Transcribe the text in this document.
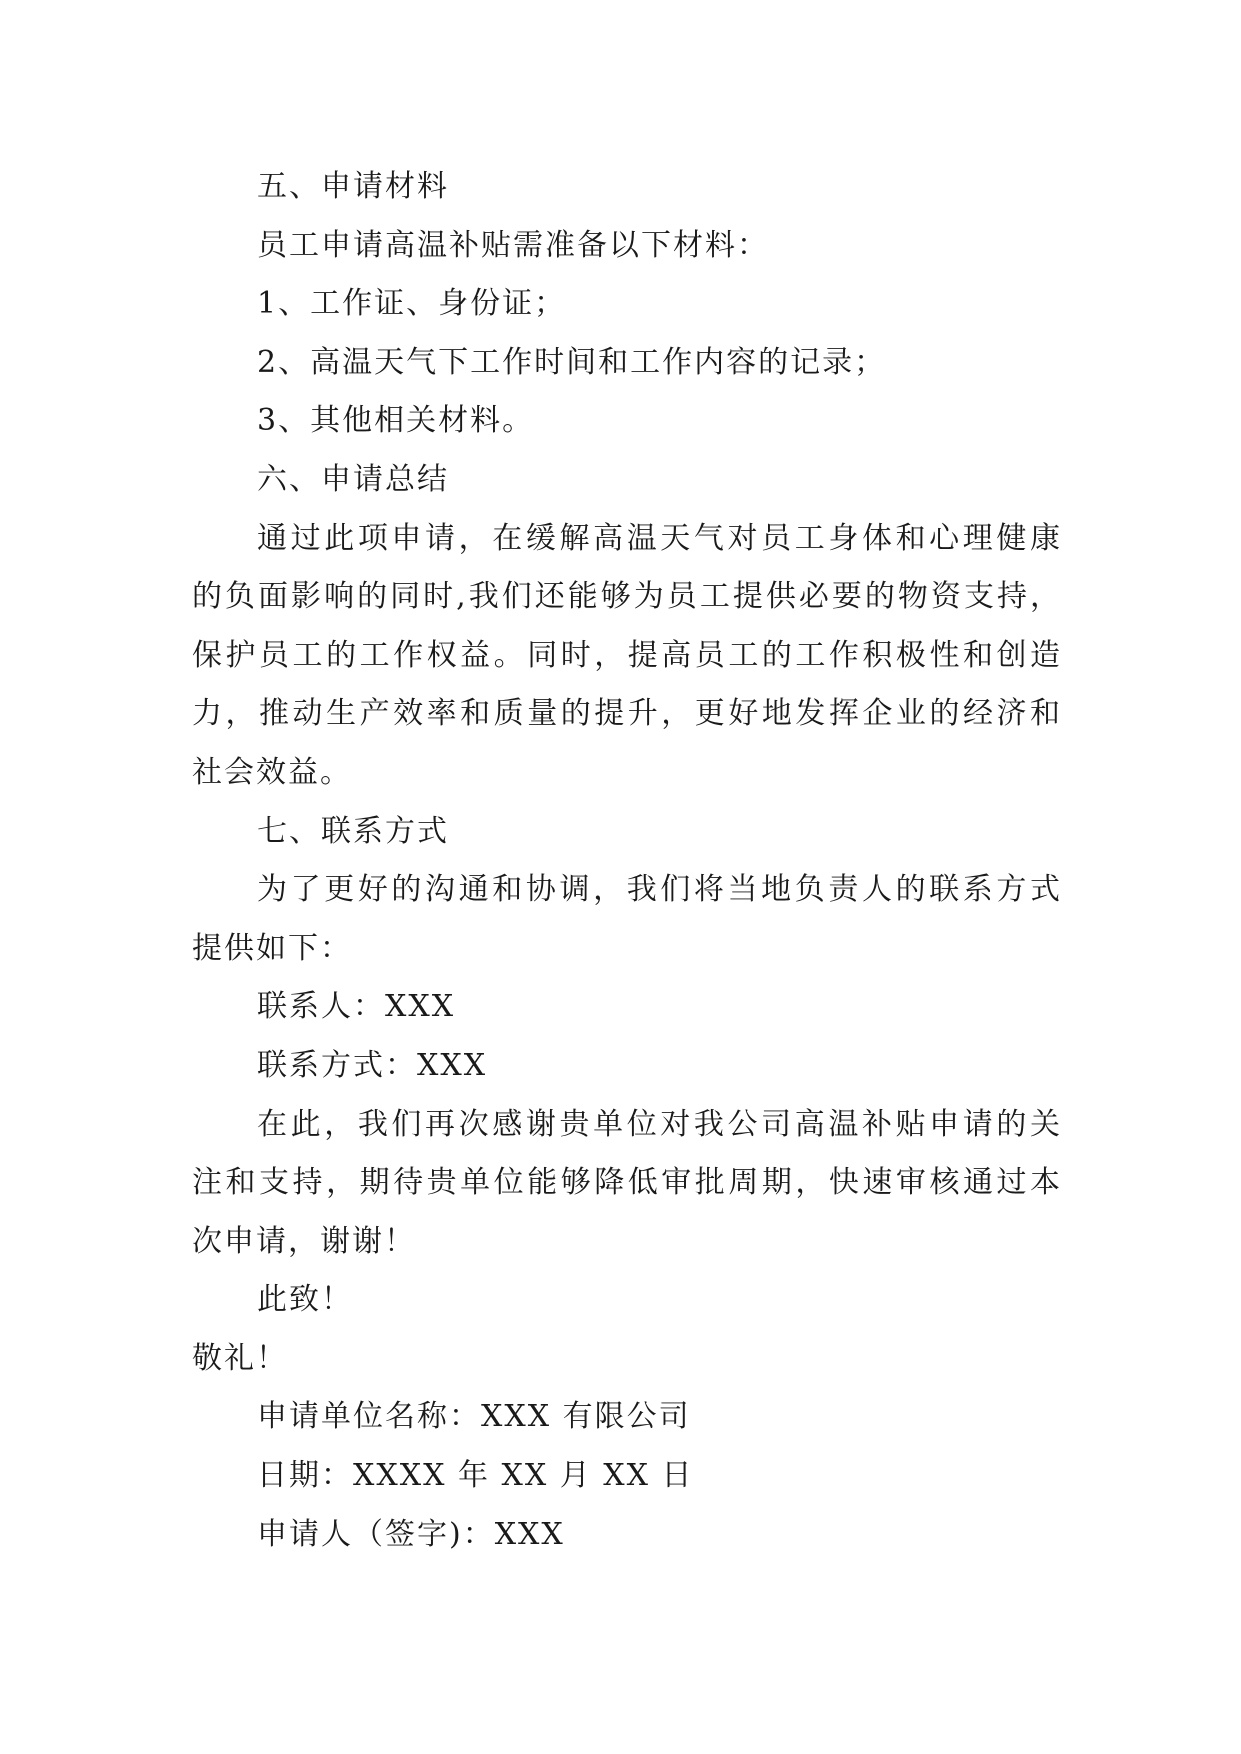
五、申请材料
员工申请高温补贴需准备以下材料：
1、工作证、身份证；
2、高温天气下工作时间和工作内容的记录；
3、其他相关材料。
六、申请总结
通过此项申请，在缓解高温天气对员工身体和心理健康
的负面影响的同时,我们还能够为员工提供必要的物资支持，
保护员工的工作权益。同时，提高员工的工作积极性和创造
力，推动生产效率和质量的提升，更好地发挥企业的经济和
社会效益。
七、联系方式
为了更好的沟通和协调，我们将当地负责人的联系方式
提供如下：
联系人：XXX
联系方式：XXX
在此，我们再次感谢贵单位对我公司高温补贴申请的关
注和支持，期待贵单位能够降低审批周期，快速审核通过本
次申请，谢谢！
此致！
敬礼！
申请单位名称：XXX 有限公司
日期：XXXX 年 XX 月 XX 日
申请人（签字)：XXX
